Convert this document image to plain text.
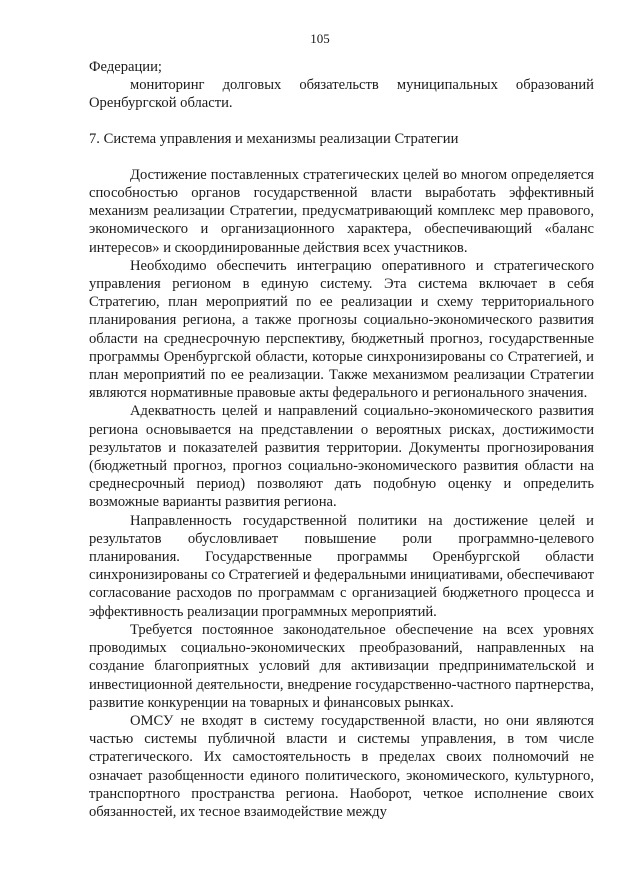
105

Федерации;

мониторинг долговых обязательств муниципальных образований Оренбургской области.

7. Система управления и механизмы реализации Стратегии

Достижение поставленных стратегических целей во многом определяется способностью органов государственной власти выработать эффективный механизм реализации Стратегии, предусматривающий комплекс мер правового, экономического и организационного характера, обеспечивающий «баланс интересов» и скоординированные действия всех участников.

Необходимо обеспечить интеграцию оперативного и стратегического управления регионом в единую систему. Эта система включает в себя Стратегию, план мероприятий по ее реализации и схему территориального планирования региона, а также прогнозы социально-экономического развития области на среднесрочную перспективу, бюджетный прогноз, государственные программы Оренбургской области, которые синхронизированы со Стратегией, и план мероприятий по ее реализации. Также механизмом реализации Стратегии являются нормативные правовые акты федерального и регионального значения.

Адекватность целей и направлений социально-экономического развития региона основывается на представлении о вероятных рисках, достижимости результатов и показателей развития территории. Документы прогнозирования (бюджетный прогноз, прогноз социально-экономического развития области на среднесрочный период) позволяют дать подобную оценку и определить возможные варианты развития региона.

Направленность государственной политики на достижение целей и результатов обусловливает повышение роли программно-целевого планирования. Государственные программы Оренбургской области синхронизированы со Стратегией и федеральными инициативами, обеспечивают согласование расходов по программам с организацией бюджетного процесса и эффективность реализации программных мероприятий.

Требуется постоянное законодательное обеспечение на всех уровнях проводимых социально-экономических преобразований, направленных на создание благоприятных условий для активизации предпринимательской и инвестиционной деятельности, внедрение государственно-частного партнерства, развитие конкуренции на товарных и финансовых рынках.

ОМСУ не входят в систему государственной власти, но они являются частью системы публичной власти и системы управления, в том числе стратегического. Их самостоятельность в пределах своих полномочий не означает разобщенности единого политического, экономического, культурного, транспортного пространства региона. Наоборот, четкое исполнение своих обязанностей, их тесное взаимодействие между
